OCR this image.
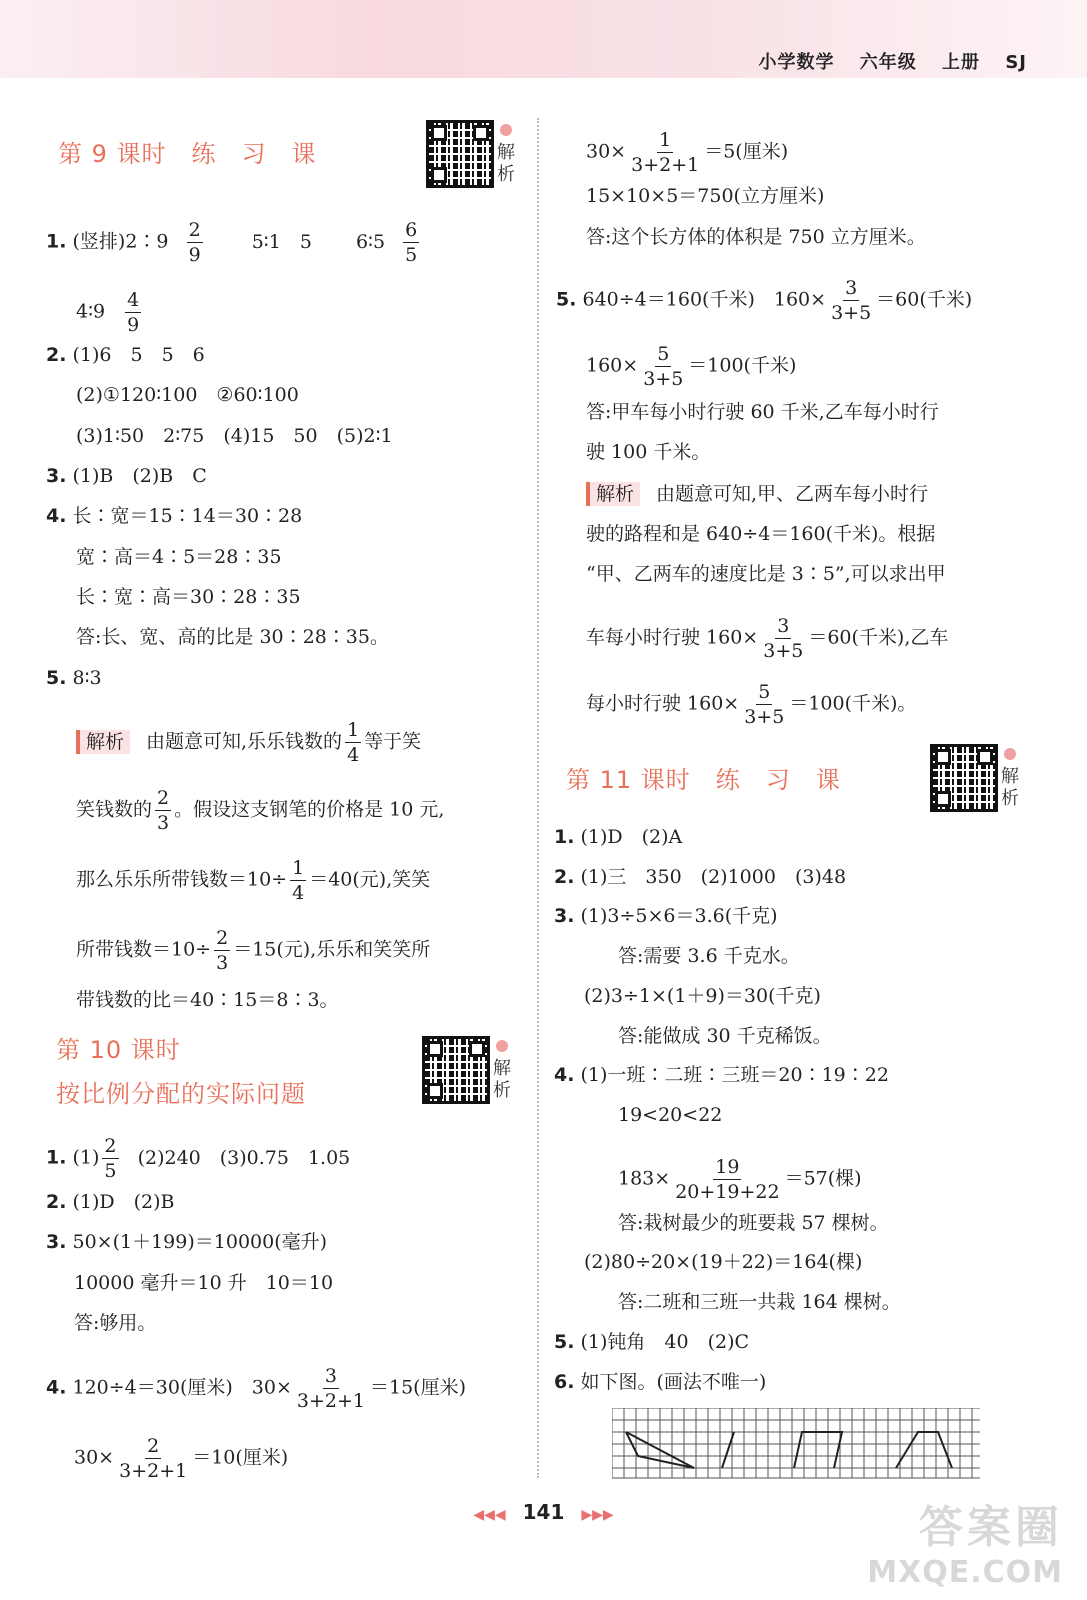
小学数学 六年级 上册 SJ
第 9 课时　练　习　课	解析
1. (竖排)2∶9 $\frac{2}{9}$	5∶1　5 6∶5 $\frac{6}{5}$
4∶9 $\frac{4}{9}$
2. (1)6　5　5　6
(2)①120∶100　②60∶100
(3)1∶50　2∶75　(4)15　50　(5)2∶1
3. (1)B　(2)B　C
4. 长∶宽＝15∶14＝30∶28
宽∶高＝4∶5＝28∶35
长∶宽∶高＝30∶28∶35
答:长、宽、高的比是 30∶28∶35。
5. 8∶3
解析 由题意可知,乐乐钱数的 $\frac{1}{4}$ 等于笑
笑钱数的 $\frac{2}{3}$ 。假设这支钢笔的价格是 10 元,
那么乐乐所带钱数$=10\div \frac{1}{4} =40$(元),笑笑
所带钱数$=10\div \frac{2}{3} =15$(元),乐乐和笑笑所
带钱数的比＝40∶15＝8∶3。
第 10 课时
按比例分配的实际问题
解析
1. $(1) \frac{2}{5} (2)240$　(3)0.75　1.05
2. (1)D　(2)B
3. 50×(1＋199)＝10000(毫升)
10000 毫升＝10 升　10＝10
答:够用。
4. 120÷4＝30(厘米)　$30\times \frac{3}{3+2+1} =15$(厘米)
$30\times \frac{2}{3+2+1} =10$(厘米)
$30\times \frac{1}{3+2+1} =5$(厘米)
15×10×5＝750(立方厘米)
答:这个长方体的体积是 750 立方厘米。
5. 640÷4＝160(千米)　$160\times \frac{3}{3+5} =60$(千米)
$160\times \frac{5}{3+5} =100$(千米)
答:甲车每小时行驶 60 千米,乙车每小时行
驶 100 千米。
解析 由题意可知,甲、乙两车每小时行
驶的路程和是 640÷4＝160(千米)。根据
“甲、乙两车的速度比是 3∶5”,可以求出甲
车每小时行驶 $160\times \frac{3}{3+5} =60$(千米),乙车
每小时行驶 $160\times \frac{5}{3+5} =100$(千米)。
第 11 课时　练　习　课	解析
1. (1)D　(2)A
2. (1)三　350　(2)1000　(3)48
3. (1)3÷5×6＝3.6(千克)
答:需要 3.6 千克水。
(2)3÷1×(1＋9)＝30(千克)
答:能做成 30 千克稀饭。
4. (1)一班∶二班∶三班＝20∶19∶22
19<20<22
$183\times \frac{19}{20+19+22} =57$(棵)
答:栽树最少的班要栽 57 棵树。
(2)80÷20×(19＋22)＝164(棵)
答:二班和三班一共栽 164 棵树。
5. (1)钝角　40　(2)C
6. 如下图。(画法不唯一)
◀◀◀ 141 ▶▶▶	答案圈
MXQE.COM
